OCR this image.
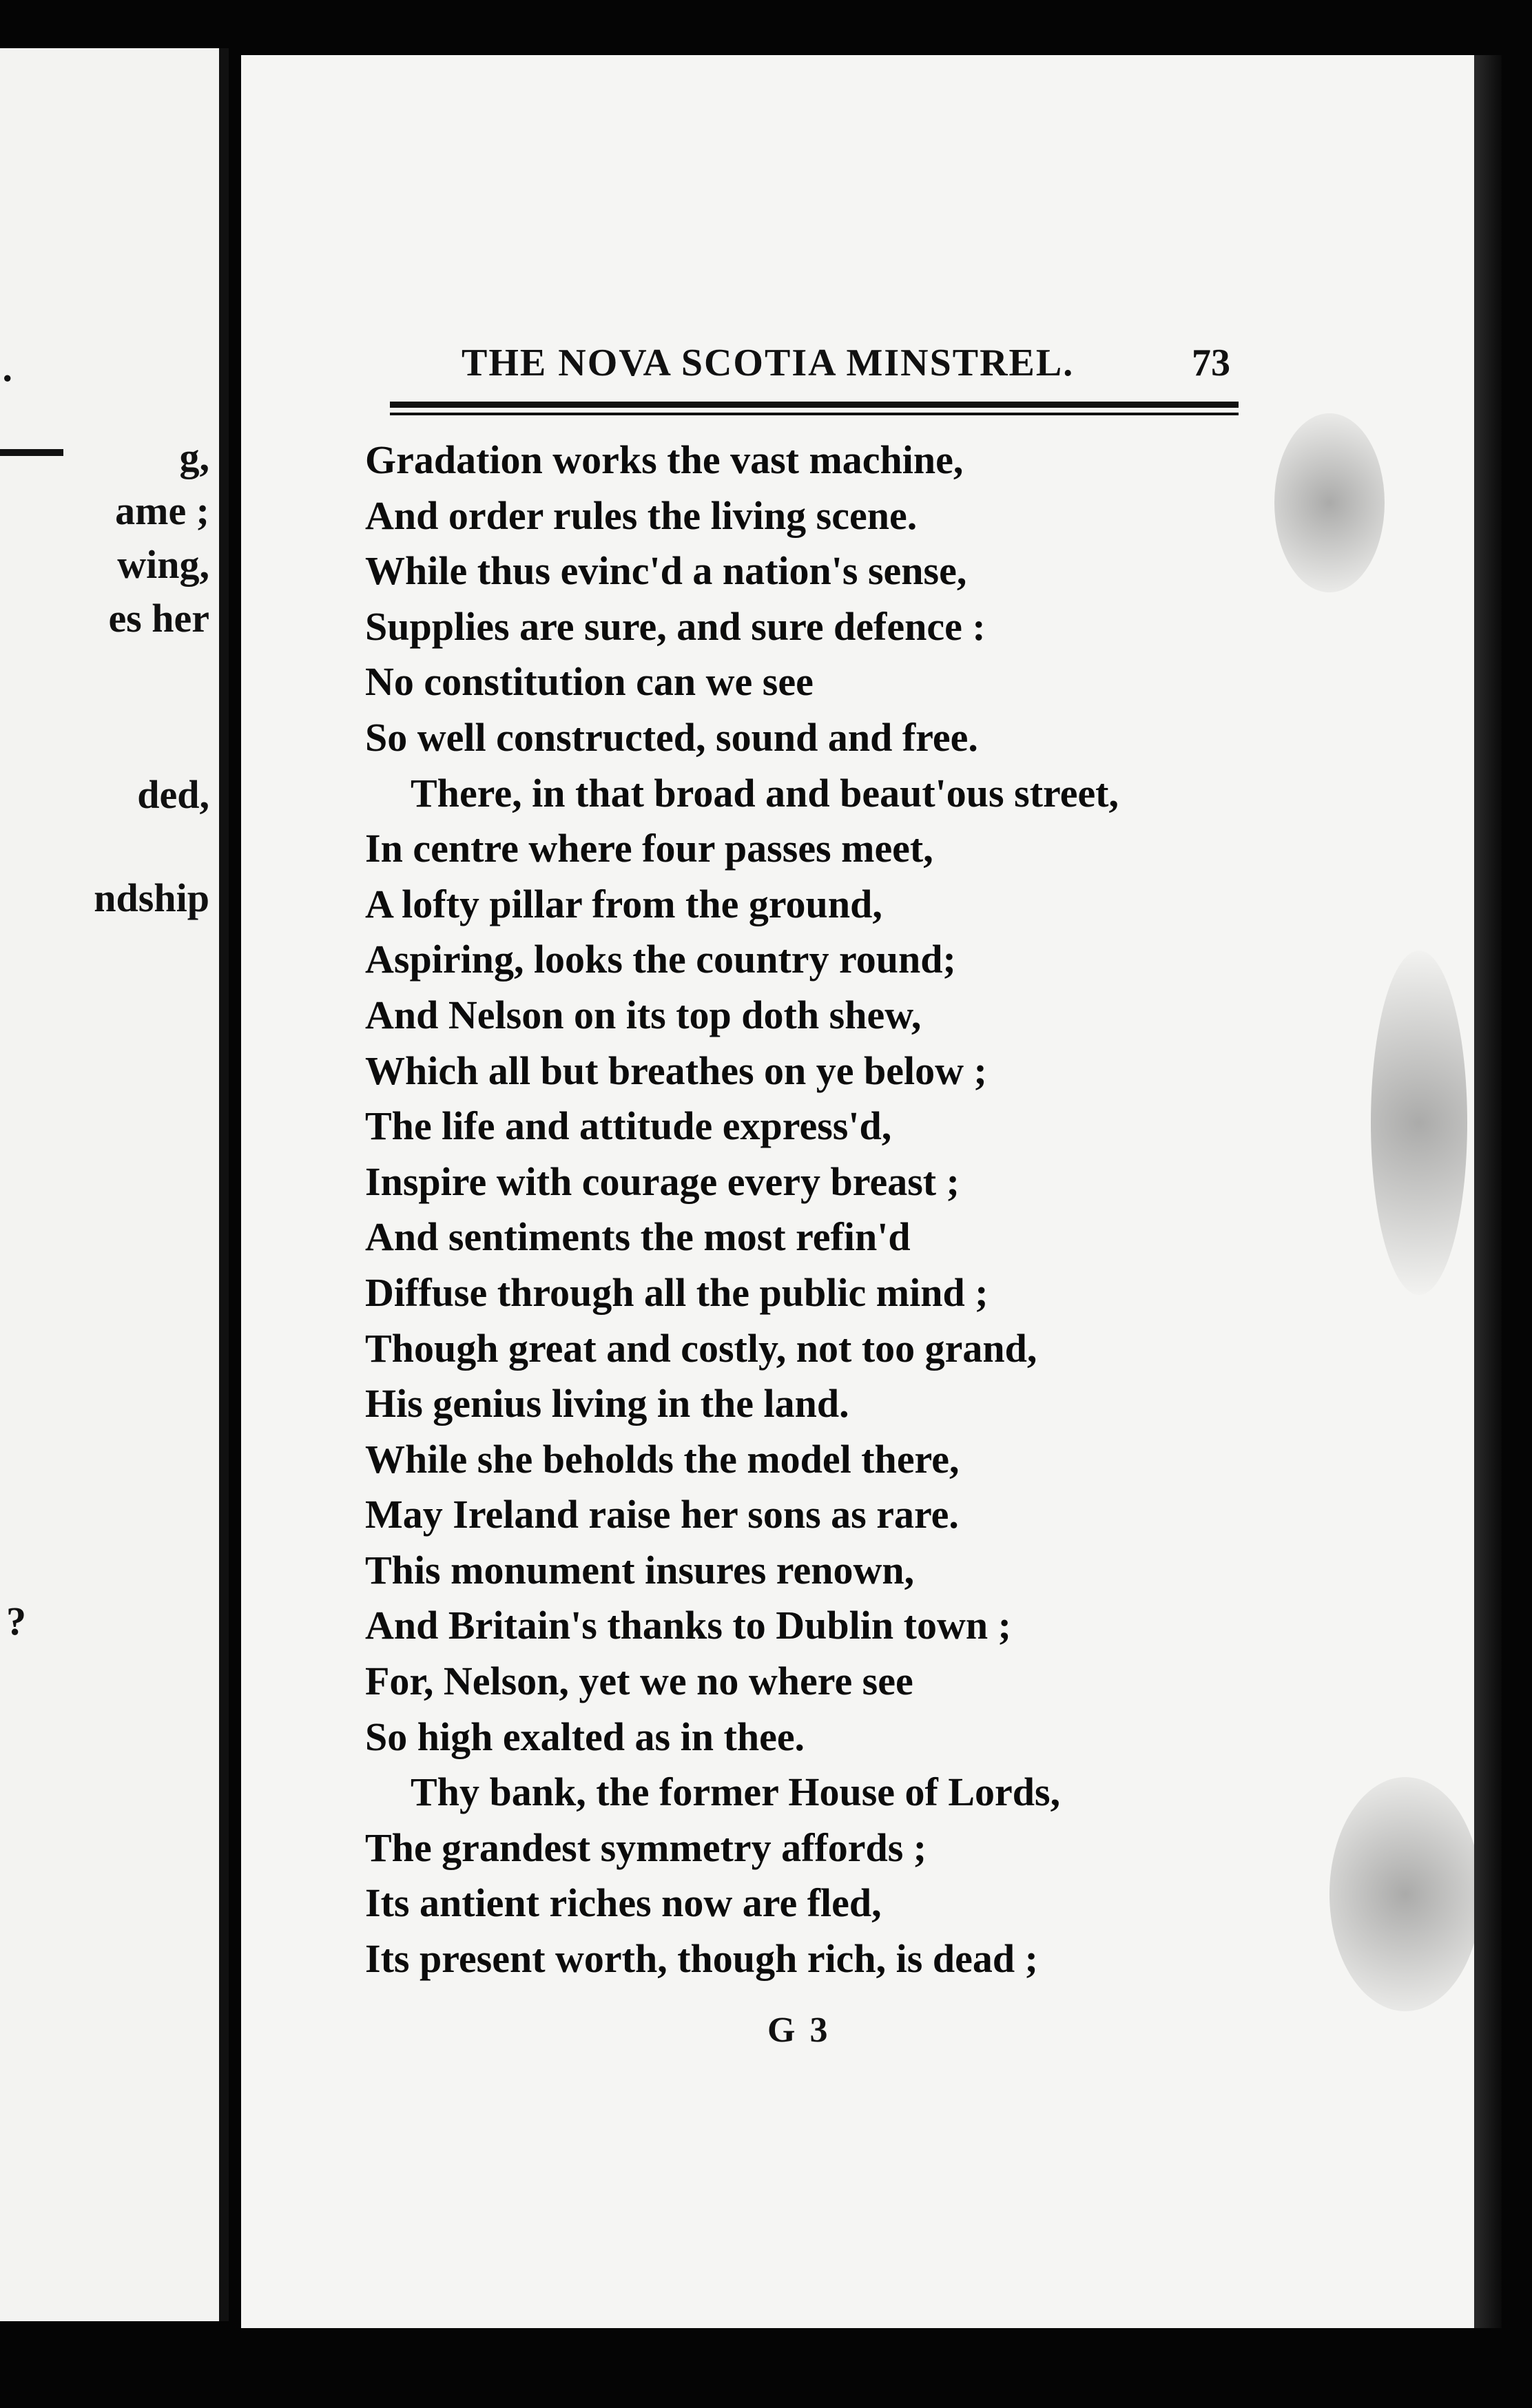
.
g,
ame ;
wing,
es her
ded,
ndship
?
THE NOVA SCOTIA MINSTREL.	73
Gradation works the vast machine,
And order rules the living scene.
While thus evinc'd a nation's sense,
Supplies are sure, and sure defence :
No constitution can we see
So well constructed, sound and free.
There, in that broad and beaut'ous street,
In centre where four passes meet,
A lofty pillar from the ground,
Aspiring, looks the country round;
And Nelson on its top doth shew,
Which all but breathes on ye below ;
The life and attitude express'd,
Inspire with courage every breast ;
And sentiments the most refin'd
Diffuse through all the public mind ;
Though great and costly, not too grand,
His genius living in the land.
While she beholds the model there,
May Ireland raise her sons as rare.
This monument insures renown,
And Britain's thanks to Dublin town ;
For, Nelson, yet we no where see
So high exalted as in thee.
Thy bank, the former House of Lords,
The grandest symmetry affords ;
Its antient riches now are fled,
Its present worth, though rich, is dead ;
G 3
